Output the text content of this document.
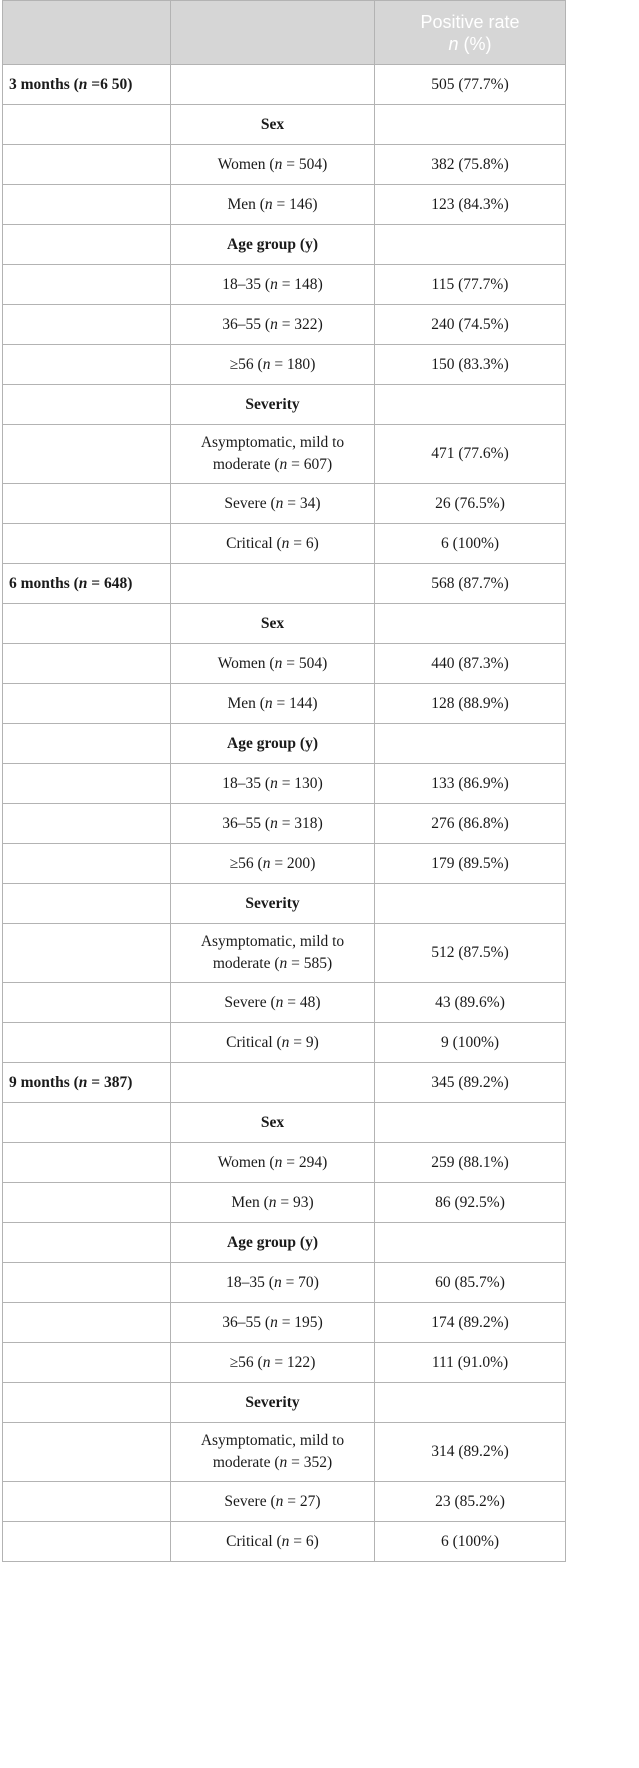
		Positive rate
n (%)
3 months (n =6 50)		505 (77.7%)
	Sex	
	Women (n = 504)	382 (75.8%)
	Men (n = 146)	123 (84.3%)
	Age group (y)	
	18–35 (n = 148)	115 (77.7%)
	36–55 (n = 322)	240 (74.5%)
	≥56 (n = 180)	150 (83.3%)
	Severity	
	Asymptomatic, mild to moderate (n = 607)	471 (77.6%)
	Severe (n = 34)	26 (76.5%)
	Critical (n = 6)	6 (100%)
6 months (n = 648)		568 (87.7%)
	Sex	
	Women (n = 504)	440 (87.3%)
	Men (n = 144)	128 (88.9%)
	Age group (y)	
	18–35 (n = 130)	133 (86.9%)
	36–55 (n = 318)	276 (86.8%)
	≥56 (n = 200)	179 (89.5%)
	Severity	
	Asymptomatic, mild to moderate (n = 585)	512 (87.5%)
	Severe (n = 48)	43 (89.6%)
	Critical (n = 9)	9 (100%)
9 months (n = 387)		345 (89.2%)
	Sex	
	Women (n = 294)	259 (88.1%)
	Men (n = 93)	86 (92.5%)
	Age group (y)	
	18–35 (n = 70)	60 (85.7%)
	36–55 (n = 195)	174 (89.2%)
	≥56 (n = 122)	111 (91.0%)
	Severity	
	Asymptomatic, mild to moderate (n = 352)	314 (89.2%)
	Severe (n = 27)	23 (85.2%)
	Critical (n = 6)	6 (100%)
